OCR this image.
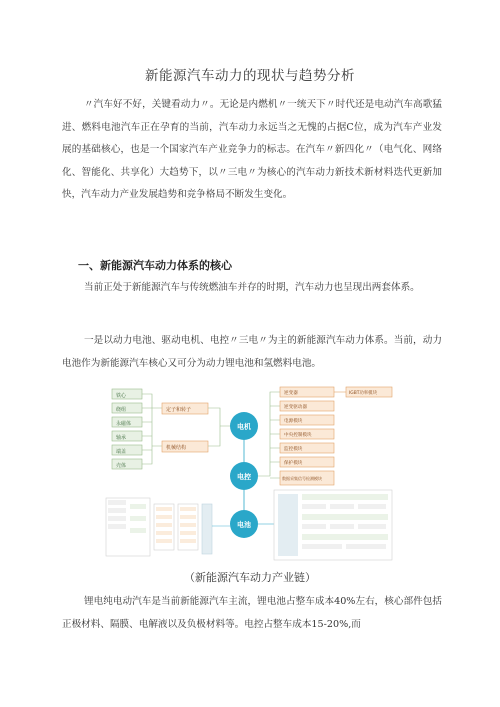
新能源汽车动力的现状与趋势分析

〃汽车好不好，关键看动力〃。无论是内燃机〃一统天下〃时代还是电动汽车高歌猛进、燃料电池汽车正在孕育的当前，汽车动力永远当之无愧的占据C位，成为汽车产业发展的基础核心，也是一个国家汽车产业竞争力的标志。在汽车〃新四化〃（电气化、网络化、智能化、共享化）大趋势下，以〃三电〃为核心的汽车动力新技术新材料迭代更新加快，汽车动力产业发展趋势和竞争格局不断发生变化。

一、新能源汽车动力体系的核心

当前正处于新能源汽车与传统燃油车并存的时期，汽车动力也呈现出两套体系。

一是以动力电池、驱动电机、电控〃三电〃为主的新能源汽车动力体系。当前，动力电池作为新能源汽车核心又可分为动力锂电池和氢燃料电池。

铁心
绕组
永磁体
轴承
端盖
壳体
定子和转子
机械结构
电机
电控
电池
逆变器
逆变驱动器
电源模块
中央控制模块
监控模块
保护模块
数据采集信号检测模块
IGBT功率模块
（新能源汽车动力产业链）

锂电纯电动汽车是当前新能源汽车主流，锂电池占整车成本40%左右，核心部件包括正极材料、隔膜、电解液以及负极材料等。电控占整车成本15-20%,而
